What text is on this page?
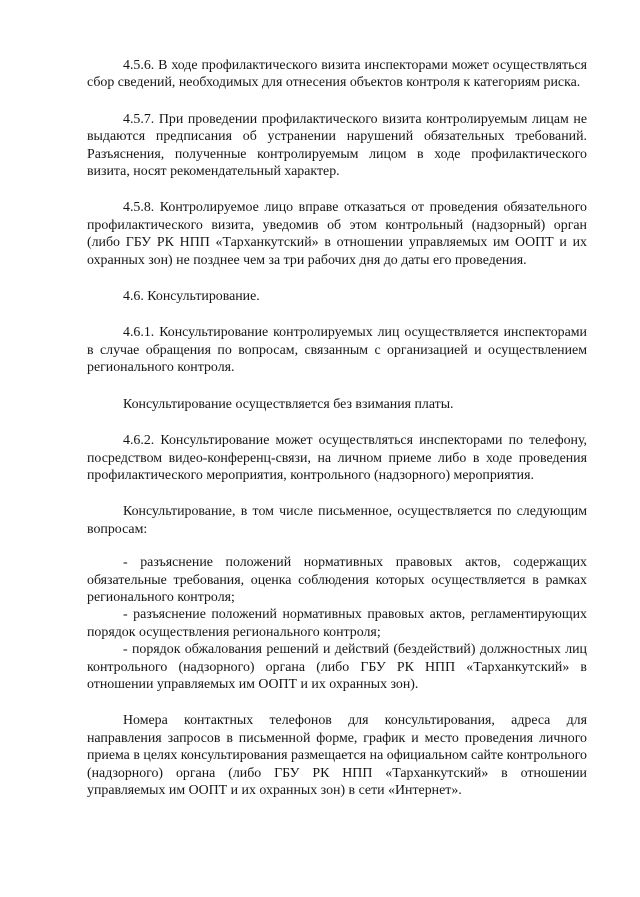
4.5.6. В ходе профилактического визита инспекторами может осуществляться сбор сведений, необходимых для отнесения объектов контроля к категориям риска.

4.5.7. При проведении профилактического визита контролируемым лицам не выдаются предписания об устранении нарушений обязательных требований. Разъяснения, полученные контролируемым лицом в ходе профилактического визита, носят рекомендательный характер.

4.5.8. Контролируемое лицо вправе отказаться от проведения обязательного профилактического визита, уведомив об этом контрольный (надзорный) орган (либо ГБУ РК НПП «Тарханкутский» в отношении управляемых им ООПТ и их охранных зон) не позднее чем за три рабочих дня до даты его проведения.

4.6. Консультирование.

4.6.1. Консультирование контролируемых лиц осуществляется инспекторами в случае обращения по вопросам, связанным с организацией и осуществлением регионального контроля.

Консультирование осуществляется без взимания платы.

4.6.2. Консультирование может осуществляться инспекторами по телефону, посредством видео-конференц-связи, на личном приеме либо в ходе проведения профилактического мероприятия, контрольного (надзорного) мероприятия.

Консультирование, в том числе письменное, осуществляется по следующим вопросам:

- разъяснение положений нормативных правовых актов, содержащих обязательные требования, оценка соблюдения которых осуществляется в рамках регионального контроля;

- разъяснение положений нормативных правовых актов, регламентирующих порядок осуществления регионального контроля;

- порядок обжалования решений и действий (бездействий) должностных лиц контрольного (надзорного) органа (либо ГБУ РК НПП «Тарханкутский» в отношении управляемых им ООПТ и их охранных зон).

Номера контактных телефонов для консультирования, адреса для направления запросов в письменной форме, график и место проведения личного приема в целях консультирования размещается на официальном сайте контрольного (надзорного) органа (либо ГБУ РК НПП «Тарханкутский» в отношении управляемых им ООПТ и их охранных зон) в сети «Интернет».
